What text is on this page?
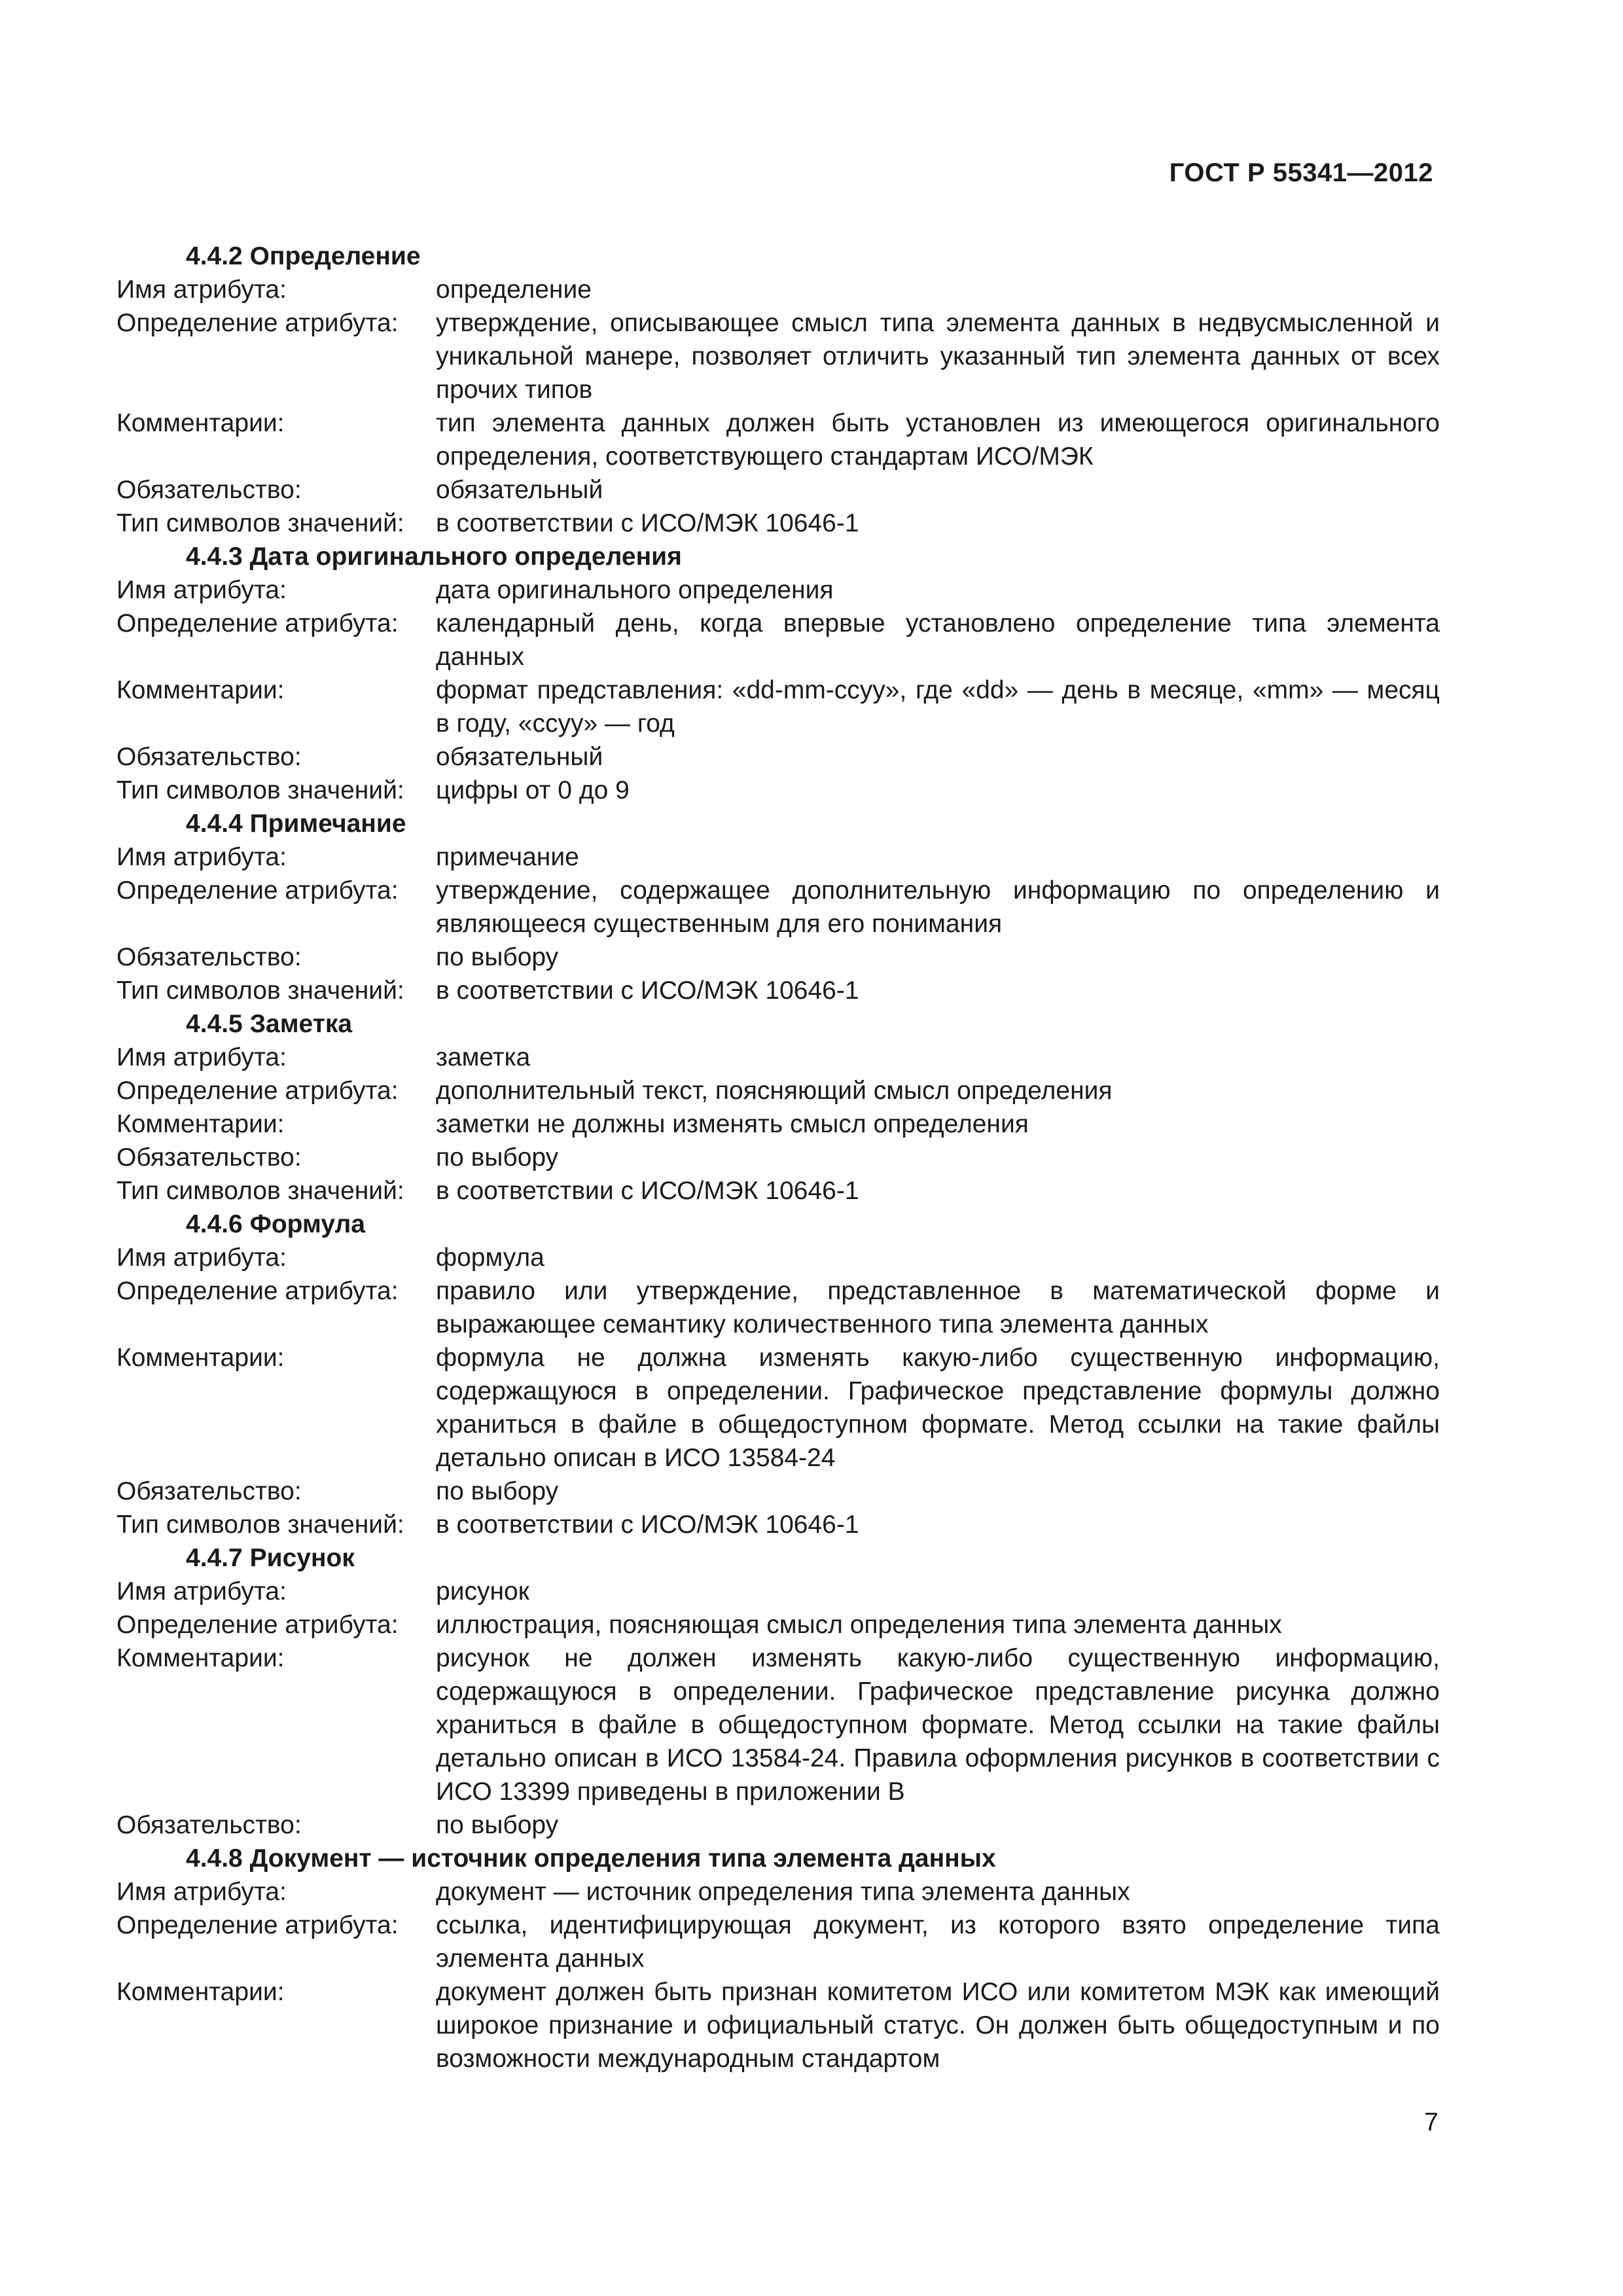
ГОСТ Р 55341—2012
4.4.2 Определение
Имя атрибута:	определение
Определение атрибута:	утверждение, описывающее смысл типа элемента данных в недвусмысленной и уникальной манере, позволяет отличить указанный тип элемента данных от всех прочих типов
Комментарии:	тип элемента данных должен быть установлен из имеющегося оригинального определения, соответствующего стандартам ИСО/МЭК
Обязательство:	обязательный
Тип символов значений:	в соответствии с ИСО/МЭК 10646-1
4.4.3 Дата оригинального определения
Имя атрибута:	дата оригинального определения
Определение атрибута:	календарный день, когда впервые установлено определение типа элемента данных
Комментарии:	формат представления: «dd-mm-ccyy», где «dd» — день в месяце, «mm» — месяц в году, «ccyy» — год
Обязательство:	обязательный
Тип символов значений:	цифры от 0 до 9
4.4.4 Примечание
Имя атрибута:	примечание
Определение атрибута:	утверждение, содержащее дополнительную информацию по определению и являющееся существенным для его понимания
Обязательство:	по выбору
Тип символов значений:	в соответствии с ИСО/МЭК 10646-1
4.4.5 Заметка
Имя атрибута:	заметка
Определение атрибута:	дополнительный текст, поясняющий смысл определения
Комментарии:	заметки не должны изменять смысл определения
Обязательство:	по выбору
Тип символов значений:	в соответствии с ИСО/МЭК 10646-1
4.4.6 Формула
Имя атрибута:	формула
Определение атрибута:	правило или утверждение, представленное в математической форме и выражающее семантику количественного типа элемента данных
Комментарии:	формула не должна изменять какую-либо существенную информацию, содержащуюся в определении. Графическое представление формулы должно храниться в файле в общедоступном формате. Метод ссылки на такие файлы детально описан в ИСО 13584-24
Обязательство:	по выбору
Тип символов значений:	в соответствии с ИСО/МЭК 10646-1
4.4.7 Рисунок
Имя атрибута:	рисунок
Определение атрибута:	иллюстрация, поясняющая смысл определения типа элемента данных
Комментарии:	рисунок не должен изменять какую-либо существенную информацию, содержащуюся в определении. Графическое представление рисунка должно храниться в файле в общедоступном формате. Метод ссылки на такие файлы детально описан в ИСО 13584-24. Правила оформления рисунков в соответствии с ИСО 13399 приведены в приложении В
Обязательство:	по выбору
4.4.8 Документ — источник определения типа элемента данных
Имя атрибута:	документ — источник определения типа элемента данных
Определение атрибута:	ссылка, идентифицирующая документ, из которого взято определение типа элемента данных
Комментарии:	документ должен быть признан комитетом ИСО или комитетом МЭК как имеющий широкое признание и официальный статус. Он должен быть общедоступным и по возможности международным стандартом
7
